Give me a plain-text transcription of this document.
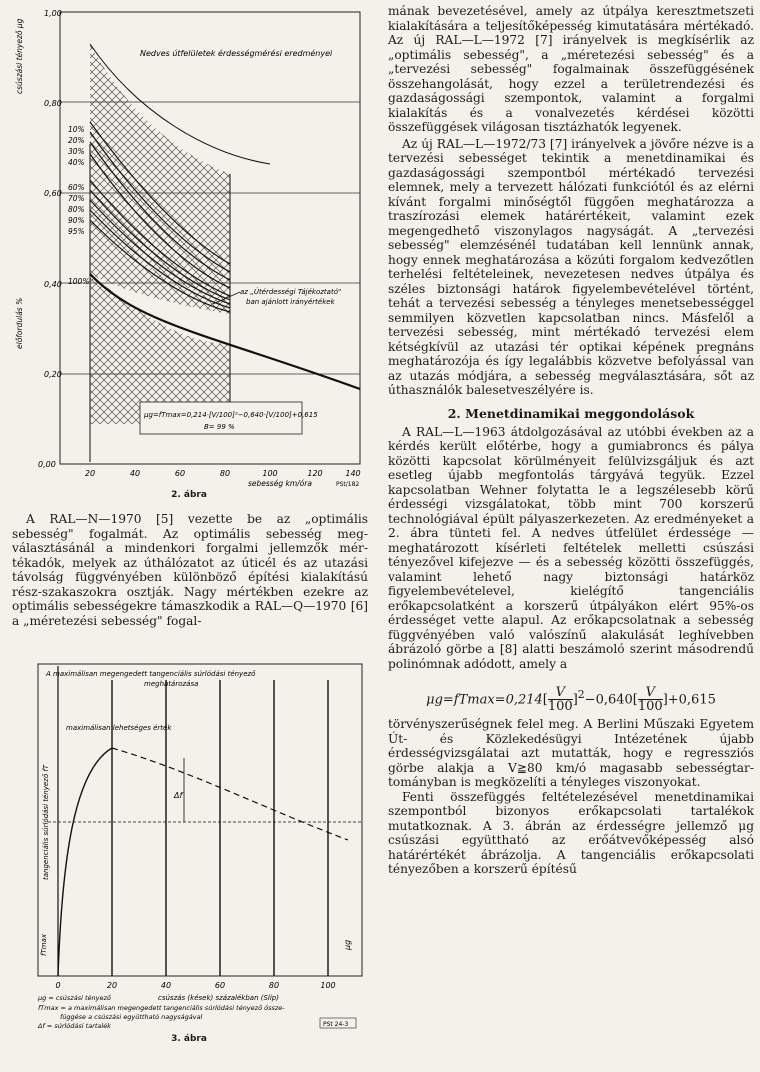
1,00
0,80
0,60
0,40
0,20
0,00
20	40	60	80	100	120	140
sebesség km/óra	PSt/182
csúszási tényező μg
előfordulás %
Nedves útfelületek érdességmérési eredményei
10%
20%
30%
40%
60%
70%
80%
90%
95%
100%
az „Útérdességi Tájékoztató" ban ajánlott irányértékek
μg=fTmax=0,214·[V/100]²−0,640·[V/100]+0,615
B= 99 %
2. ábra

A RAL—N—1970 [5] vezette be az „optimális sebesség" fogalmát. Az optimális sebesség megválasztásánál a mindenkori forgalmi jellemzők mértékadók, melyek az úthálózatot az úticél és az utazási távolság függvényében különböző építési kialakítású rész-szakaszokra osztják. Nagy mértékben ezekre az optimális sebességekre támaszkodik a RAL—Q—1970 [6] a „méretezési sebesség" fogal-

Δf
A maximálisan megengedett tangenciális súrlódási tényező
meghatározása
maximálisan lehetséges érték
tangenciális súrlódási tényező fT
fTmax	μg
0	20	40	60	80	100
csúszás (kések) százalékban (Slip)
μg = csúszási tényező
fTmax = a maximálisan megengedett tangenciális súrlódási tényező össze-
függése a csúszási együttható nagyságával
Δf = súrlódási tartalék	PSt 24-3
3. ábra

mának bevezetésével, amely az útpálya keresztmetszeti kialakítására a teljesítőképesség kimutatására mértékadó. Az új RAL—L—1972 [7] irányelvek is megkísérlik az „optimális sebesség", a „méretezési sebesség" és a „tervezési sebesség" fogalmainak összefüggésének összehangolását, hogy ezzel a területrendezési és gazdaságossági szempontok, valamint a forgalmi kialakítás és a vonalvezetés kérdései közötti összefüggések világosan tisztázhatók legyenek.

Az új RAL—L—1972/73 [7] irányelvek a jövőre nézve is a tervezési sebességet tekintik a menetdinamikai és gazdaságossági szempontból mértékadó tervezési elemnek, mely a tervezett hálózati funkciótól és az elérni kívánt forgalmi minőségtől függően meghatározza a traszírozási elemek határértékeit, valamint ezek megengedhető viszonylagos nagyságát. A „tervezési sebesség" elemzésénél tudatában kell lennünk annak, hogy ennek meghatározása a közúti forgalom kedvezőtlen terhelési feltételeinek, nevezetesen nedves útpálya és széles biztonsági határok figyelembevételével történt, tehát a tervezési sebesség a tényleges menetsebességgel semmilyen közvetlen kapcsolatban nincs. Másfelől a tervezési sebesség, mint mértékadó tervezési elem kétségkívül az utazási tér optikai képének pregnáns meghatározója és így legalábbis közvetve befolyással van az utazás módjára, a sebesség megválasztására, sőt az úthasználók balesetveszélyére is.

2. Menetdinamikai meggondolások

A RAL—L—1963 átdolgozásával az utóbbi években az a kérdés került előtérbe, hogy a gumiabroncs és pálya közötti kapcsolat körülményeit felülvizsgáljuk és azt esetleg újabb megfontolás tárgyává tegyük. Ezzel kapcsolatban Wehner folytatta le a legszélesebb körű érdességi vizsgálatokat, több mint 700 korszerű technológiával épült pályaszerkezeten. Az eredményeket a 2. ábra tünteti fel. A nedves útfelület érdessége — meghatározott kísérleti feltételek melletti csúszási tényezővel kifejezve — és a sebesség közötti összefüggés, valamint lehető nagy biztonsági határköz figyelembevételevel, kielégítő tangenciális erőkapcsolatként a korszerű útpályákon elért 95%-os érdességet vette alapul. Az erőkapcsolatnak a sebesség függvényében való valószínű alakulását leghívebben ábrázoló görbe a [8] alatti beszámoló szerint másodrendű polinómnak adódott, amely a

$\mu g=fTmax=0,214[ \frac{V}{100} ]^2-0,640[ \frac{V}{100} ]+0,615$

törvényszerűségnek felel meg. A Berlini Műszaki Egyetem Út- és Közlekedésügyi Intézetének újabb érdességvizsgálatai azt mutatták, hogy e regressziós görbe alakja a V≧80 km/ó magasabb sebességtartományban is megközelíti a tényleges viszonyokat.

Fenti összefüggés feltételezésével menetdinamikai szempontból bizonyos erőkapcsolati tartalékok mutatkoznak. A 3. ábrán az érdességre jellemző μg csúszási együttható az erőátvevőképesség alsó határértékét ábrázolja. A tangenciális erőkapcsolati tényezőben a korszerű építésű
